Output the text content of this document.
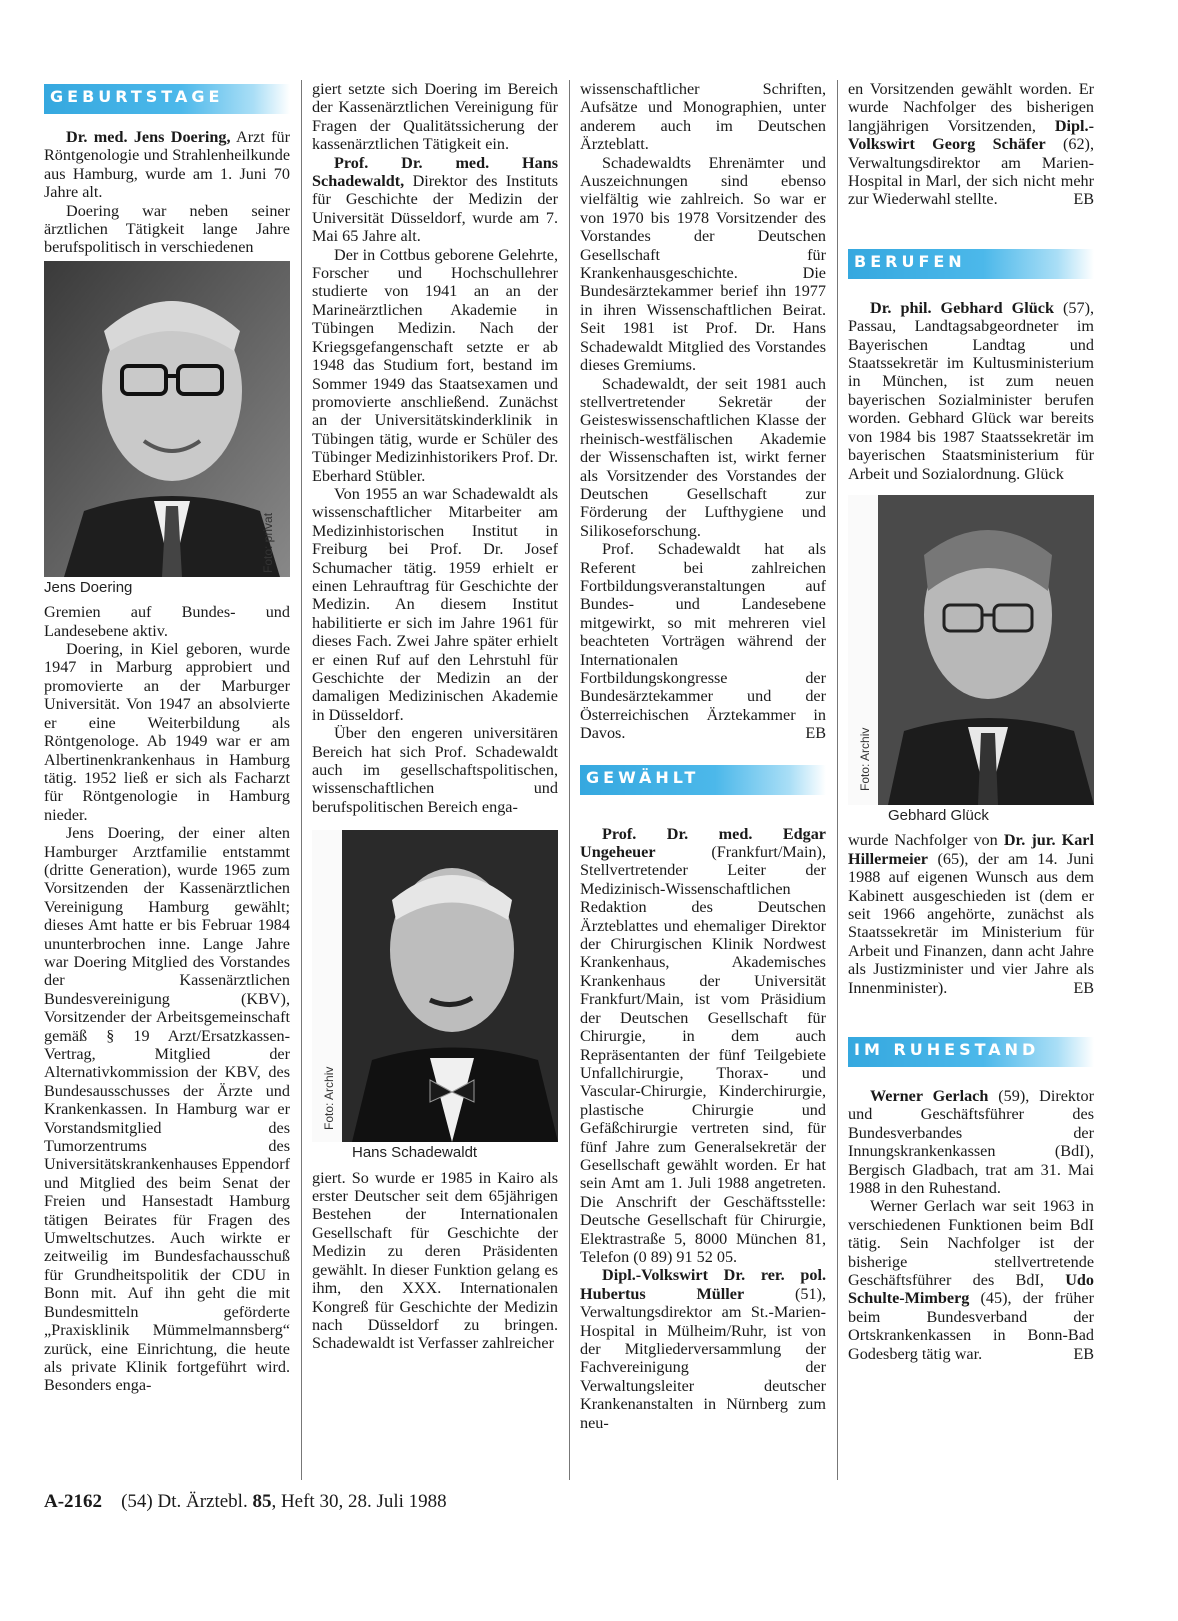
GEBURTSTAGE

Dr. med. Jens Doering, Arzt für Röntgenologie und Strahlenheilkunde aus Hamburg, wurde am 1. Juni 70 Jahre alt.

Doering war neben seiner ärztlichen Tätigkeit lange Jahre berufspolitisch in verschiedenen

Foto: privat
Jens Doering

Gremien auf Bundes- und Landesebene aktiv.

Doering, in Kiel geboren, wurde 1947 in Marburg approbiert und promovierte an der Marburger Universität. Von 1947 an absolvierte er eine Weiterbildung als Röntgenologe. Ab 1949 war er am Albertinenkrankenhaus in Hamburg tätig. 1952 ließ er sich als Facharzt für Röntgenologie in Hamburg nieder.

Jens Doering, der einer alten Hamburger Arztfamilie entstammt (dritte Generation), wurde 1965 zum Vorsitzenden der Kassenärztlichen Vereinigung Hamburg gewählt; dieses Amt hatte er bis Februar 1984 ununterbrochen inne. Lange Jahre war Doering Mitglied des Vorstandes der Kassenärztlichen Bundesvereinigung (KBV), Vorsitzender der Arbeitsgemeinschaft gemäß § 19 Arzt/Ersatzkassen-Vertrag, Mitglied der Alternativkommission der KBV, des Bundesausschusses der Ärzte und Krankenkassen. In Hamburg war er Vorstandsmitglied des Tumorzentrums des Universitätskrankenhauses Eppendorf und Mitglied des beim Senat der Freien und Hansestadt Hamburg tätigen Beirates für Fragen des Umweltschutzes. Auch wirkte er zeitweilig im Bundesfachausschuß für Grundheitspolitik der CDU in Bonn mit. Auf ihn geht die mit Bundesmitteln geförderte „Praxisklinik Mümmelmannsberg“ zurück, eine Einrichtung, die heute als private Klinik fortgeführt wird. Besonders enga-

giert setzte sich Doering im Bereich der Kassenärztlichen Vereinigung für Fragen der Qualitätssicherung der kassenärztlichen Tätigkeit ein.

Prof. Dr. med. Hans Schadewaldt, Direktor des Instituts für Geschichte der Medizin der Universität Düsseldorf, wurde am 7. Mai 65 Jahre alt.

Der in Cottbus geborene Gelehrte, Forscher und Hochschullehrer studierte von 1941 an an der Marineärztlichen Akademie in Tübingen Medizin. Nach der Kriegsgefangenschaft setzte er ab 1948 das Studium fort, bestand im Sommer 1949 das Staatsexamen und promovierte anschließend. Zunächst an der Universitätskinderklinik in Tübingen tätig, wurde er Schüler des Tübinger Medizinhistorikers Prof. Dr. Eberhard Stübler.

Von 1955 an war Schadewaldt als wissenschaftlicher Mitarbeiter am Medizinhistorischen Institut in Freiburg bei Prof. Dr. Josef Schumacher tätig. 1959 erhielt er einen Lehrauftrag für Geschichte der Medizin. An diesem Institut habilitierte er sich im Jahre 1961 für dieses Fach. Zwei Jahre später erhielt er einen Ruf auf den Lehrstuhl für Geschichte der Medizin an der damaligen Medizinischen Akademie in Düsseldorf.

Über den engeren universitären Bereich hat sich Prof. Schadewaldt auch im gesellschaftspolitischen, wissenschaftlichen und berufspolitischen Bereich enga-

Foto: Archiv
Hans Schadewaldt

giert. So wurde er 1985 in Kairo als erster Deutscher seit dem 65jährigen Bestehen der Internationalen Gesellschaft für Geschichte der Medizin zu deren Präsidenten gewählt. In dieser Funktion gelang es ihm, den XXX. Internationalen Kongreß für Geschichte der Medizin nach Düsseldorf zu bringen. Schadewaldt ist Verfasser zahlreicher

wissenschaftlicher Schriften, Aufsätze und Monographien, unter anderem auch im Deutschen Ärzteblatt.

Schadewaldts Ehrenämter und Auszeichnungen sind ebenso vielfältig wie zahlreich. So war er von 1970 bis 1978 Vorsitzender des Vorstandes der Deutschen Gesellschaft für Krankenhausgeschichte. Die Bundesärztekammer berief ihn 1977 in ihren Wissenschaftlichen Beirat. Seit 1981 ist Prof. Dr. Hans Schadewaldt Mitglied des Vorstandes dieses Gremiums.

Schadewaldt, der seit 1981 auch stellvertretender Sekretär der Geisteswissenschaftlichen Klasse der rheinisch-westfälischen Akademie der Wissenschaften ist, wirkt ferner als Vorsitzender des Vorstandes der Deutschen Gesellschaft zur Förderung der Lufthygiene und Silikoseforschung.

Prof. Schadewaldt hat als Referent bei zahlreichen Fortbildungsveranstaltungen auf Bundes- und Landesebene mitgewirkt, so mit mehreren viel beachteten Vorträgen während der Internationalen Fortbildungskongresse der Bundesärztekammer und der Österreichischen Ärztekammer in Davos.	EB

GEWÄHLT

Prof. Dr. med. Edgar Ungeheuer (Frankfurt/Main), Stellvertretender Leiter der Medizinisch-Wissenschaftlichen Redaktion des Deutschen Ärzteblattes und ehemaliger Direktor der Chirurgischen Klinik Nordwest Krankenhaus, Akademisches Krankenhaus der Universität Frankfurt/Main, ist vom Präsidium der Deutschen Gesellschaft für Chirurgie, in dem auch Repräsentanten der fünf Teilgebiete Unfallchirurgie, Thorax- und Vascular-Chirurgie, Kinderchirurgie, plastische Chirurgie und Gefäßchirurgie vertreten sind, für fünf Jahre zum Generalsekretär der Gesellschaft gewählt worden. Er hat sein Amt am 1. Juli 1988 angetreten. Die Anschrift der Geschäftsstelle: Deutsche Gesellschaft für Chirurgie, Elektrastraße 5, 8000 München 81, Telefon (0 89) 91 52 05.

Dipl.-Volkswirt Dr. rer. pol. Hubertus Müller (51), Verwaltungsdirektor am St.-Marien-Hospital in Mülheim/Ruhr, ist von der Mitgliederversammlung der Fachvereinigung der Verwaltungsleiter deutscher Krankenanstalten in Nürnberg zum neu-

en Vorsitzenden gewählt worden. Er wurde Nachfolger des bisherigen langjährigen Vorsitzenden, Dipl.-Volkswirt Georg Schäfer (62), Verwaltungsdirektor am Marien-Hospital in Marl, der sich nicht mehr zur Wiederwahl stellte.	EB

BERUFEN

Dr. phil. Gebhard Glück (57), Passau, Landtagsabgeordneter im Bayerischen Landtag und Staatssekretär im Kultusministerium in München, ist zum neuen bayerischen Sozialminister berufen worden. Gebhard Glück war bereits von 1984 bis 1987 Staatssekretär im bayerischen Staatsministerium für Arbeit und Sozialordnung. Glück

Foto: Archiv
Gebhard Glück

wurde Nachfolger von Dr. jur. Karl Hillermeier (65), der am 14. Juni 1988 auf eigenen Wunsch aus dem Kabinett ausgeschieden ist (dem er seit 1966 angehörte, zunächst als Staatssekretär im Ministerium für Arbeit und Finanzen, dann acht Jahre als Justizminister und vier Jahre als Innenminister).	EB

IM RUHESTAND

Werner Gerlach (59), Direktor und Geschäftsführer des Bundesverbandes der Innungskrankenkassen (BdI), Bergisch Gladbach, trat am 31. Mai 1988 in den Ruhestand.

Werner Gerlach war seit 1963 in verschiedenen Funktionen beim BdI tätig. Sein Nachfolger ist der bisherige stellvertretende Geschäftsführer des BdI, Udo Schulte-Mimberg (45), der früher beim Bundesverband der Ortskrankenkassen in Bonn-Bad Godesberg tätig war.	EB

A-2162 (54) Dt. Ärztebl. 85, Heft 30, 28. Juli 1988
